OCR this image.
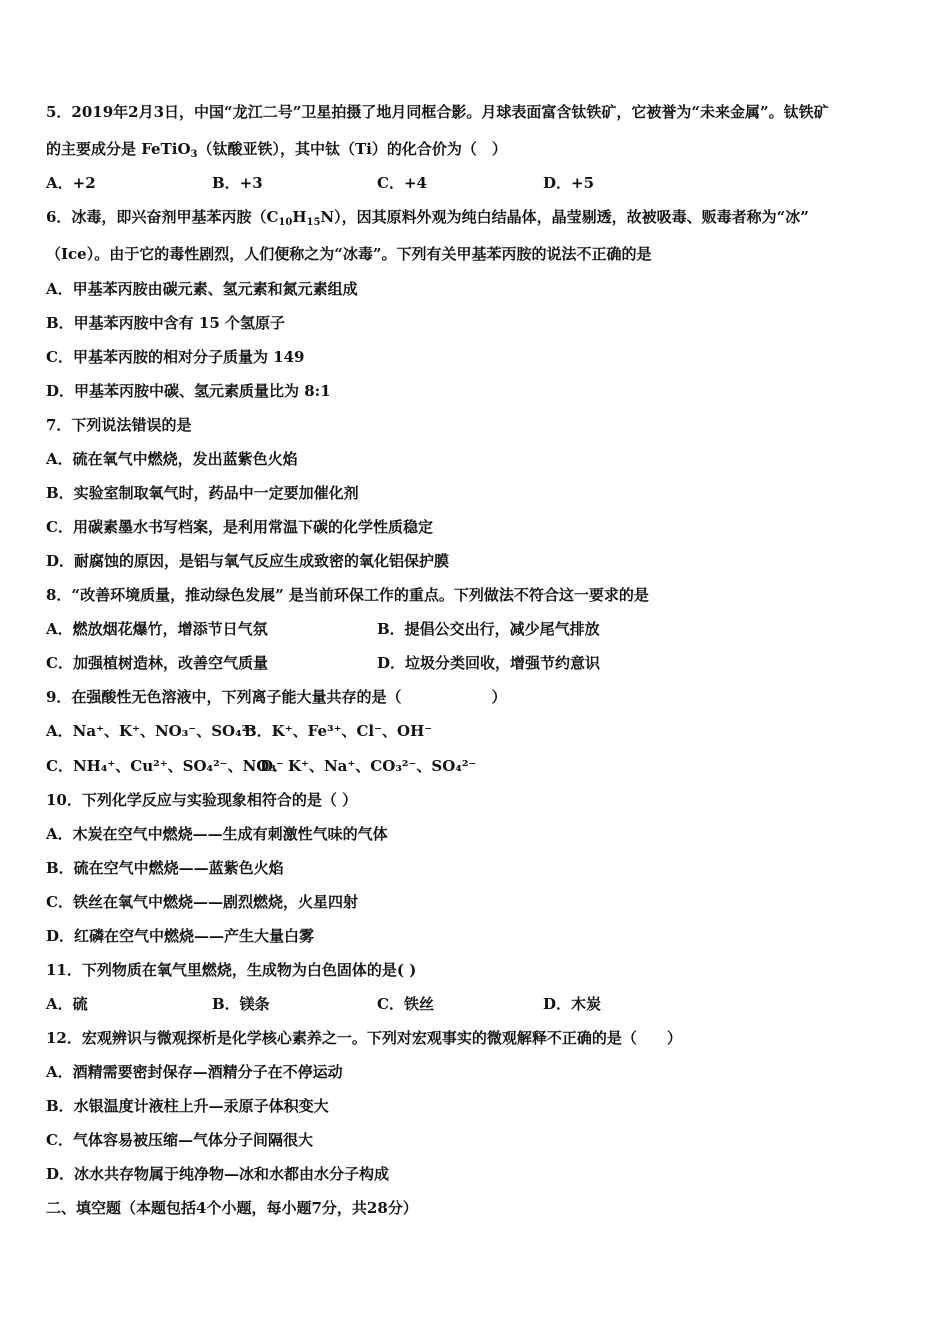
5．2019年2月3日，中国“龙江二号”卫星拍摄了地月同框合影。月球表面富含钛铁矿，它被誉为“未来金属”。钛铁矿
的主要成分是 FeTiO$_3$（钛酸亚铁），其中钛（Ti）的化合价为（　）
A．+2	B．+3	C．+4	D．+5
6．冰毒，即兴奋剂甲基苯丙胺$(C_{10}H_{15}N)$，因其原料外观为纯白结晶体，晶莹剔透，故被吸毒、贩毒者称为“冰”
（Ice）。由于它的毒性剧烈，人们便称之为“冰毒”。下列有关甲基苯丙胺的说法不正确的是
A．甲基苯丙胺由碳元素、氢元素和氮元素组成
B．甲基苯丙胺中含有 15 个氢原子
C．甲基苯丙胺的相对分子质量为 149
D．甲基苯丙胺中碳、氢元素质量比为 8:1
7．下列说法错误的是
A．硫在氧气中燃烧，发出蓝紫色火焰
B．实验室制取氧气时，药品中一定要加催化剂
C．用碳素墨水书写档案，是利用常温下碳的化学性质稳定
D．耐腐蚀的原因，是铝与氧气反应生成致密的氧化铝保护膜
8．“改善环境质量，推动绿色发展” 是当前环保工作的重点。下列做法不符合这一要求的是
A．燃放烟花爆竹，增添节日气氛	B．提倡公交出行，减少尾气排放
C．加强植树造林，改善空气质量	D．垃圾分类回收，增强节约意识
9．在强酸性无色溶液中，下列离子能大量共存的是（　　　　　　）
A．Na⁺、K⁺、NO₃⁻、SO₄²⁻
B．K⁺、Fe³⁺、Cl⁻、OH⁻
C．NH₄⁺、Cu²⁺、SO₄²⁻、NO₃⁻
D．K⁺、Na⁺、CO₃²⁻、SO₄²⁻
10．下列化学反应与实验现象相符合的是（ ）
A．木炭在空气中燃烧——生成有刺激性气味的气体
B．硫在空气中燃烧——蓝紫色火焰
C．铁丝在氧气中燃烧——剧烈燃烧，火星四射
D．红磷在空气中燃烧——产生大量白雾
11．下列物质在氧气里燃烧，生成物为白色固体的是( )
A．硫	B．镁条	C．铁丝	D．木炭
12．宏观辨识与微观探析是化学核心素养之一。下列对宏观事实的微观解释不正确的是（　　）
A．酒精需要密封保存—酒精分子在不停运动
B．水银温度计液柱上升—汞原子体积变大
C．气体容易被压缩—气体分子间隔很大
D．冰水共存物属于纯净物—冰和水都由水分子构成
二、填空题（本题包括4个小题，每小题7分，共28分）
